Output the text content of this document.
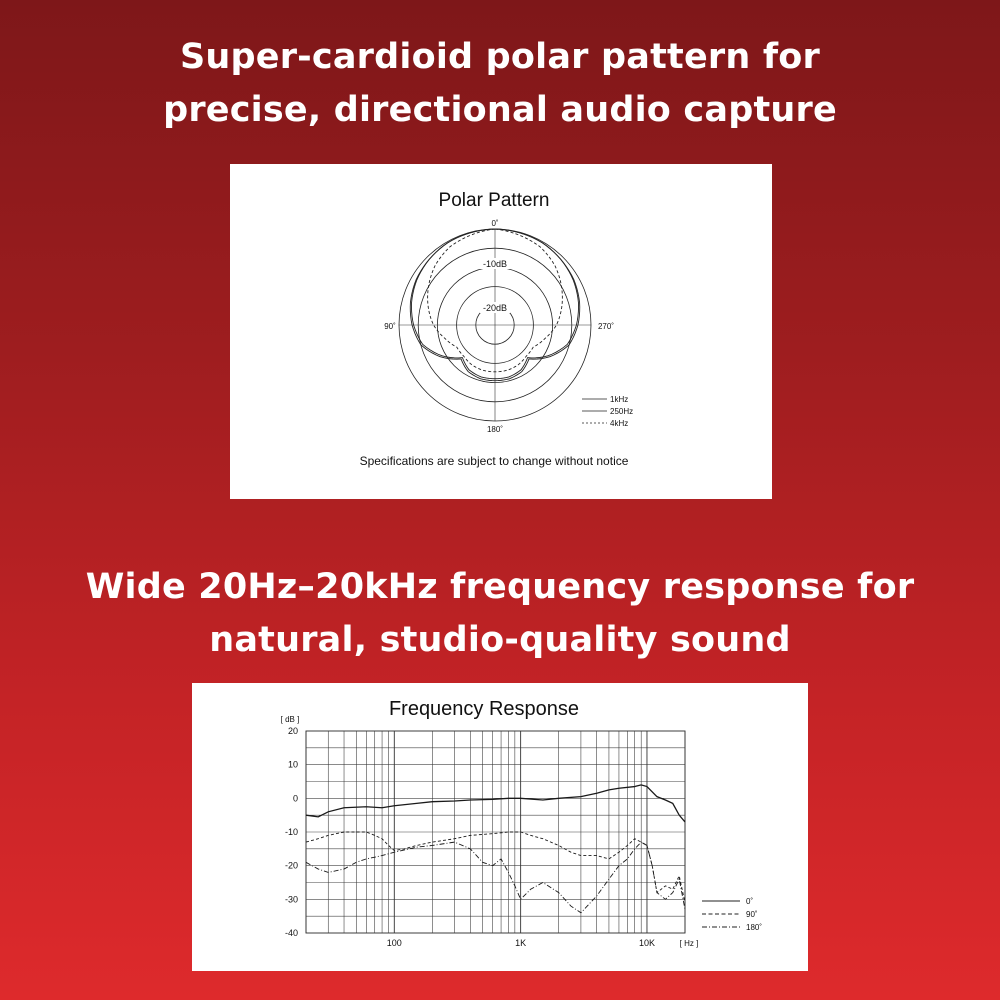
Super-cardioid polar pattern for
precise, directional audio capture
Polar Pattern
-10dB
-20dB
0˚
90˚	270˚
180˚
1kHz
250Hz
4kHz
Specifications are subject to change without notice
Wide 20Hz–20kHz frequency response for
natural, studio-quality sound
Frequency Response
[ dB ]
[ Hz ]
20
10
0
-10
-20
-30
-40
100	1K	10K
0˚
90˚
180˚
